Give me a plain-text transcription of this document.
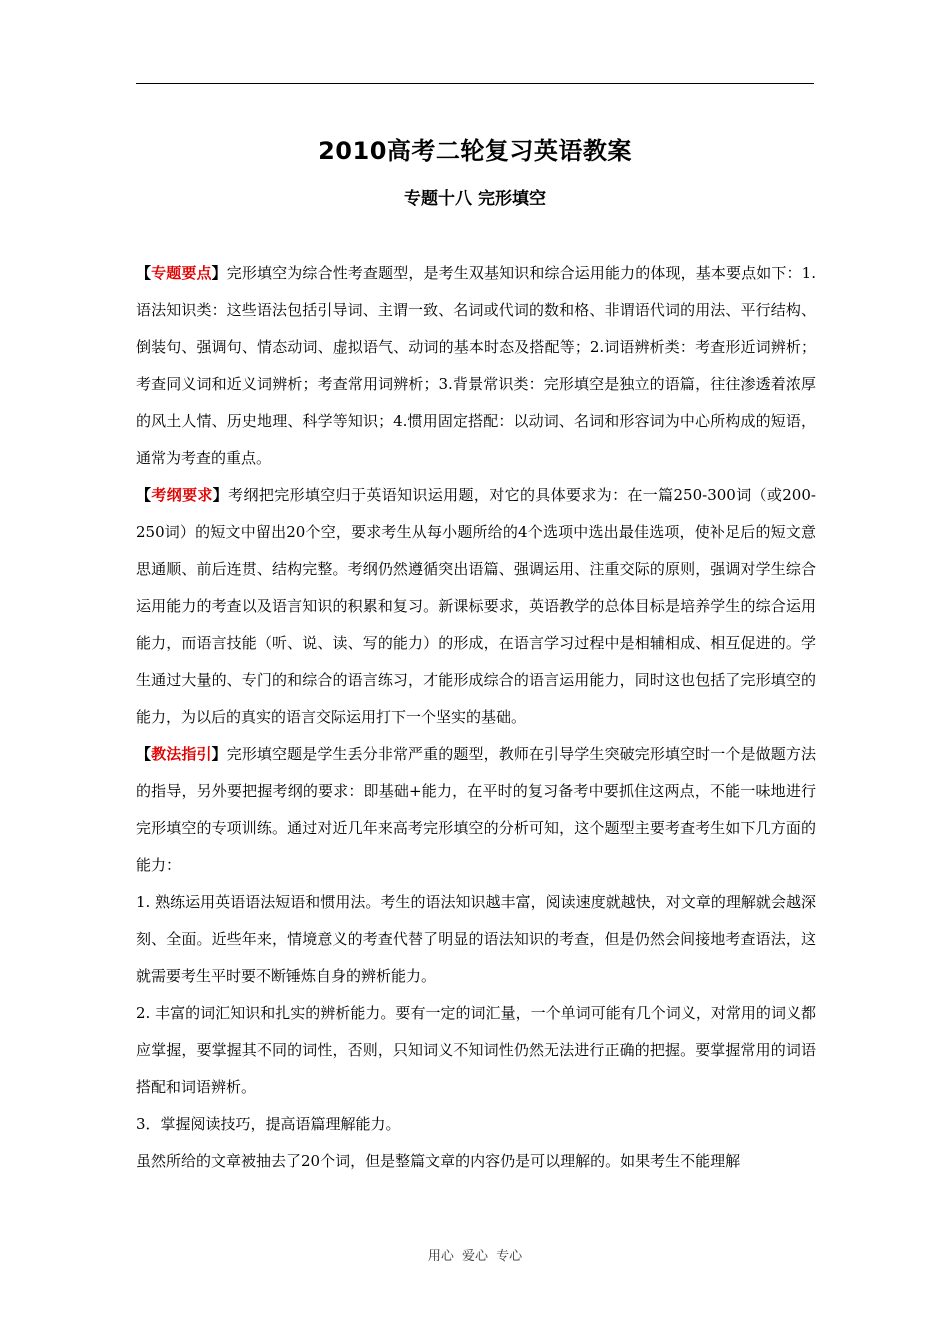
2010高考二轮复习英语教案
专题十八 完形填空

【专题要点】完形填空为综合性考查题型，是考生双基知识和综合运用能力的体现，基本要点如下：1.语法知识类：这些语法包括引导词、主谓一致、名词或代词的数和格、非谓语代词的用法、平行结构、倒装句、强调句、情态动词、虚拟语气、动词的基本时态及搭配等；2.词语辨析类：考查形近词辨析；考查同义词和近义词辨析；考查常用词辨析；3.背景常识类：完形填空是独立的语篇，往往渗透着浓厚的风土人情、历史地理、科学等知识；4.惯用固定搭配：以动词、名词和形容词为中心所构成的短语，通常为考查的重点。

【考纲要求】考纲把完形填空归于英语知识运用题，对它的具体要求为：在一篇250-300词（或200-250词）的短文中留出20个空，要求考生从每小题所给的4个选项中选出最佳选项，使补足后的短文意思通顺、前后连贯、结构完整。考纲仍然遵循突出语篇、强调运用、注重交际的原则，强调对学生综合运用能力的考查以及语言知识的积累和复习。新课标要求，英语教学的总体目标是培养学生的综合运用能力，而语言技能（听、说、读、写的能力）的形成，在语言学习过程中是相辅相成、相互促进的。学生通过大量的、专门的和综合的语言练习，才能形成综合的语言运用能力，同时这也包括了完形填空的能力，为以后的真实的语言交际运用打下一个坚实的基础。

【教法指引】完形填空题是学生丢分非常严重的题型，教师在引导学生突破完形填空时一个是做题方法的指导，另外要把握考纲的要求：即基础+能力，在平时的复习备考中要抓住这两点，不能一味地进行完形填空的专项训练。通过对近几年来高考完形填空的分析可知，这个题型主要考查考生如下几方面的能力：

1. 熟练运用英语语法短语和惯用法。考生的语法知识越丰富，阅读速度就越快，对文章的理解就会越深刻、全面。近些年来，情境意义的考查代替了明显的语法知识的考查，但是仍然会间接地考查语法，这就需要考生平时要不断锤炼自身的辨析能力。

2. 丰富的词汇知识和扎实的辨析能力。要有一定的词汇量，一个单词可能有几个词义，对常用的词义都应掌握，要掌握其不同的词性，否则，只知词义不知词性仍然无法进行正确的把握。要掌握常用的词语搭配和词语辨析。

3．掌握阅读技巧，提高语篇理解能力。

虽然所给的文章被抽去了20个词，但是整篇文章的内容仍是可以理解的。如果考生不能理解

用心 爱心 专心
